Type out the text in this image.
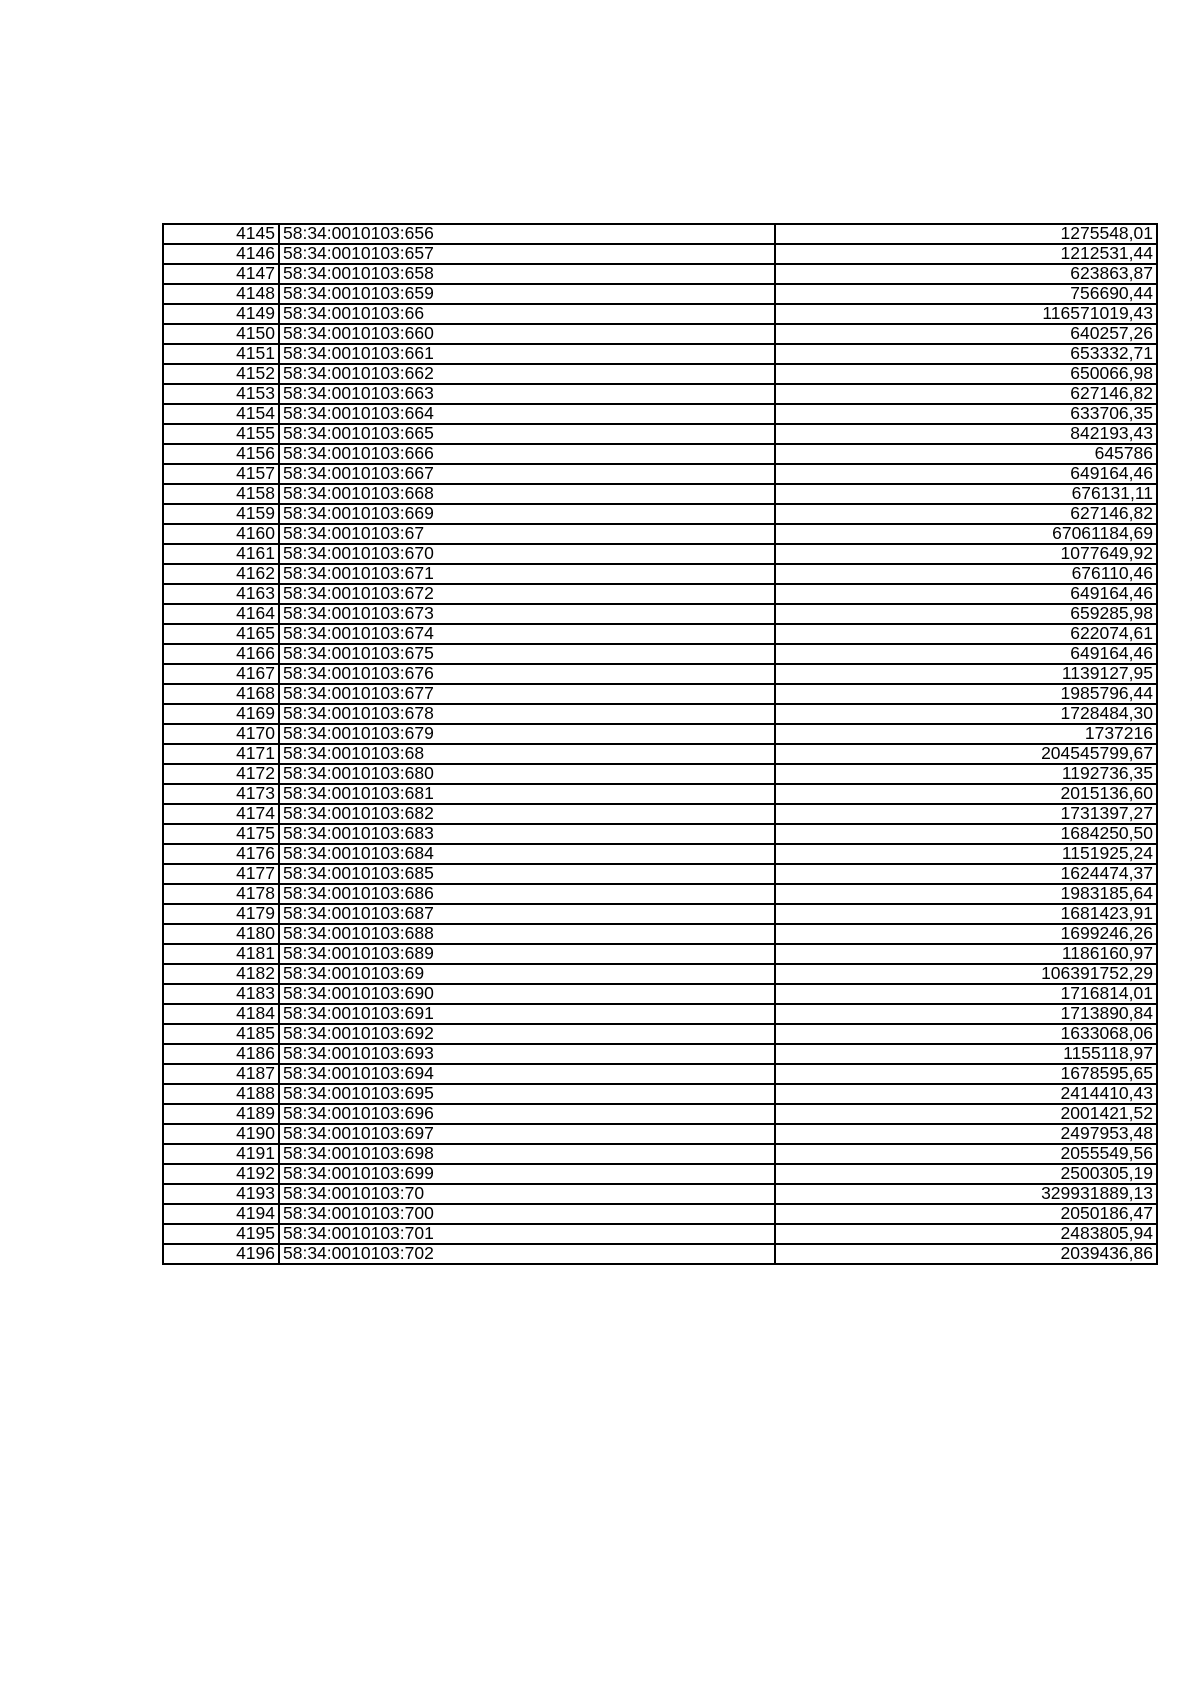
4145	58:34:0010103:656	1275548,01
4146	58:34:0010103:657	1212531,44
4147	58:34:0010103:658	623863,87
4148	58:34:0010103:659	756690,44
4149	58:34:0010103:66	116571019,43
4150	58:34:0010103:660	640257,26
4151	58:34:0010103:661	653332,71
4152	58:34:0010103:662	650066,98
4153	58:34:0010103:663	627146,82
4154	58:34:0010103:664	633706,35
4155	58:34:0010103:665	842193,43
4156	58:34:0010103:666	645786
4157	58:34:0010103:667	649164,46
4158	58:34:0010103:668	676131,11
4159	58:34:0010103:669	627146,82
4160	58:34:0010103:67	67061184,69
4161	58:34:0010103:670	1077649,92
4162	58:34:0010103:671	676110,46
4163	58:34:0010103:672	649164,46
4164	58:34:0010103:673	659285,98
4165	58:34:0010103:674	622074,61
4166	58:34:0010103:675	649164,46
4167	58:34:0010103:676	1139127,95
4168	58:34:0010103:677	1985796,44
4169	58:34:0010103:678	1728484,30
4170	58:34:0010103:679	1737216
4171	58:34:0010103:68	204545799,67
4172	58:34:0010103:680	1192736,35
4173	58:34:0010103:681	2015136,60
4174	58:34:0010103:682	1731397,27
4175	58:34:0010103:683	1684250,50
4176	58:34:0010103:684	1151925,24
4177	58:34:0010103:685	1624474,37
4178	58:34:0010103:686	1983185,64
4179	58:34:0010103:687	1681423,91
4180	58:34:0010103:688	1699246,26
4181	58:34:0010103:689	1186160,97
4182	58:34:0010103:69	106391752,29
4183	58:34:0010103:690	1716814,01
4184	58:34:0010103:691	1713890,84
4185	58:34:0010103:692	1633068,06
4186	58:34:0010103:693	1155118,97
4187	58:34:0010103:694	1678595,65
4188	58:34:0010103:695	2414410,43
4189	58:34:0010103:696	2001421,52
4190	58:34:0010103:697	2497953,48
4191	58:34:0010103:698	2055549,56
4192	58:34:0010103:699	2500305,19
4193	58:34:0010103:70	329931889,13
4194	58:34:0010103:700	2050186,47
4195	58:34:0010103:701	2483805,94
4196	58:34:0010103:702	2039436,86
